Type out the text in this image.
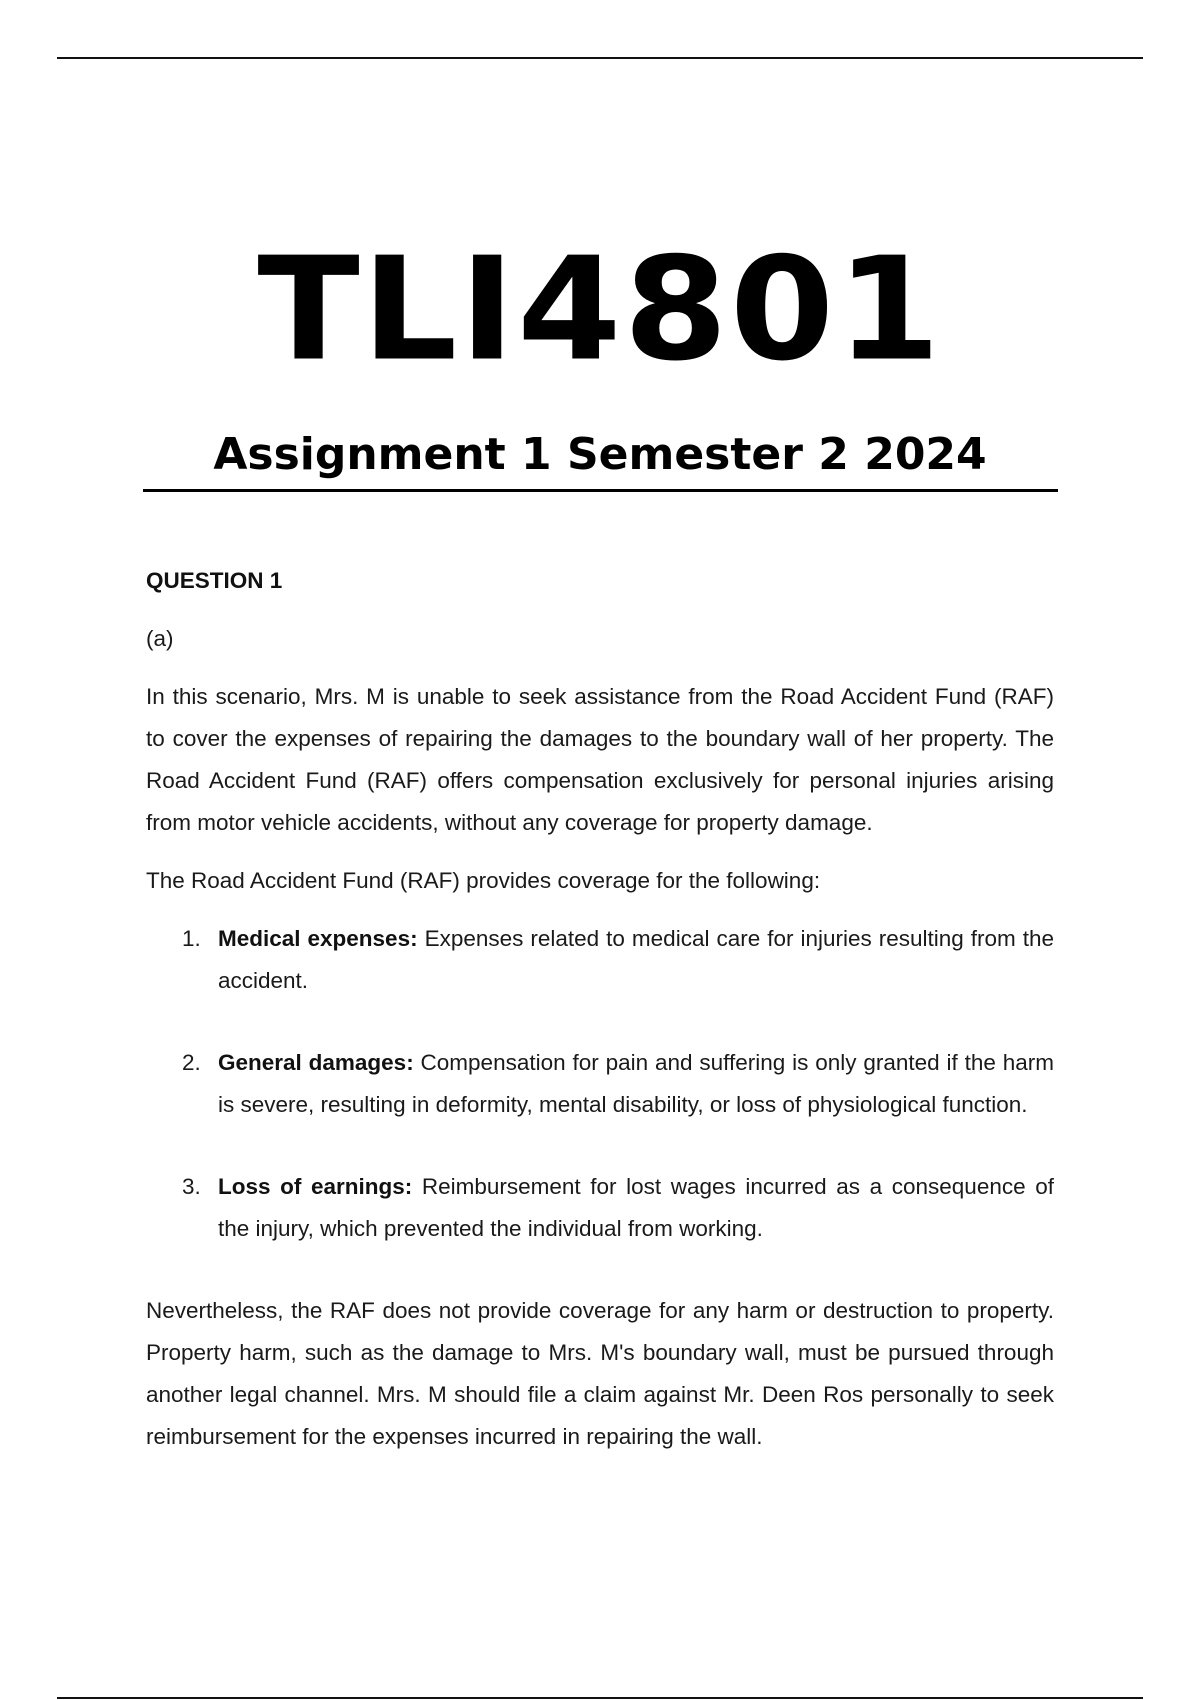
TLI4801
Assignment 1 Semester 2 2024
QUESTION 1
(a)

In this scenario, Mrs. M is unable to seek assistance from the Road Accident Fund (RAF) to cover the expenses of repairing the damages to the boundary wall of her property. The Road Accident Fund (RAF) offers compensation exclusively for personal injuries arising from motor vehicle accidents, without any coverage for property damage.

The Road Accident Fund (RAF) provides coverage for the following:

1. Medical expenses: Expenses related to medical care for injuries resulting from the accident.
2. General damages: Compensation for pain and suffering is only granted if the harm is severe, resulting in deformity, mental disability, or loss of physiological function.
3. Loss of earnings: Reimbursement for lost wages incurred as a consequence of the injury, which prevented the individual from working.

Nevertheless, the RAF does not provide coverage for any harm or destruction to property. Property harm, such as the damage to Mrs. M's boundary wall, must be pursued through another legal channel. Mrs. M should file a claim against Mr. Deen Ros personally to seek reimbursement for the expenses incurred in repairing the wall.
